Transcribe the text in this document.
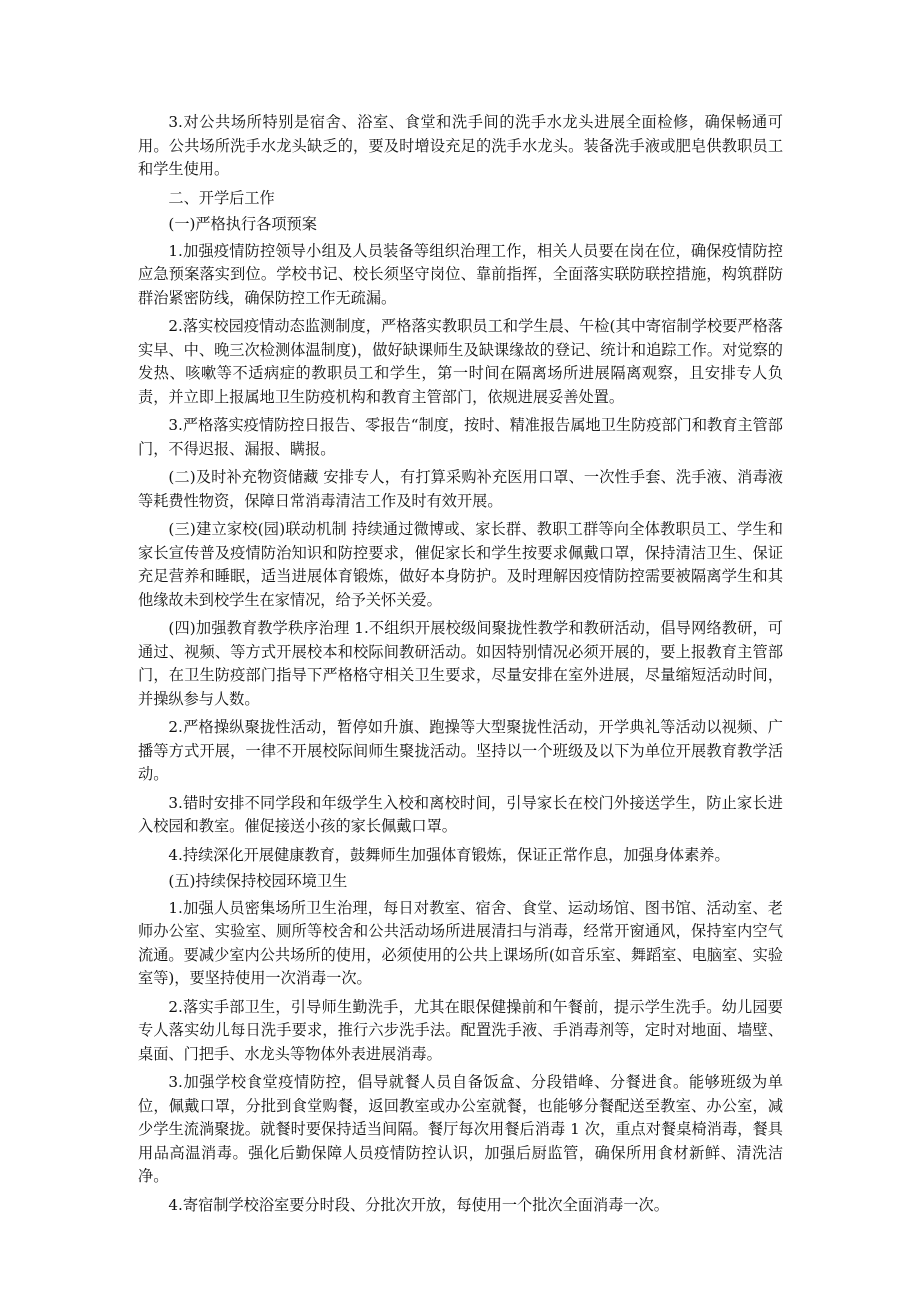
3.对公共场所特别是宿舍、浴室、食堂和洗手间的洗手水龙头进展全面检修，确保畅通可用。公共场所洗手水龙头缺乏的，要及时增设充足的洗手水龙头。装备洗手液或肥皂供教职员工和学生使用。

二、开学后工作

(一)严格执行各项预案

1.加强疫情防控领导小组及人员装备等组织治理工作，相关人员要在岗在位，确保疫情防控应急预案落实到位。学校书记、校长须坚守岗位、靠前指挥，全面落实联防联控措施，构筑群防群治紧密防线，确保防控工作无疏漏。

2.落实校园疫情动态监测制度，严格落实教职员工和学生晨、午检(其中寄宿制学校要严格落实早、中、晚三次检测体温制度)，做好缺课师生及缺课缘故的登记、统计和追踪工作。对觉察的发热、咳嗽等不适病症的教职员工和学生，第一时间在隔离场所进展隔离观察，且安排专人负责，并立即上报属地卫生防疫机构和教育主管部门，依规进展妥善处置。

3.严格落实疫情防控日报告、零报告“制度，按时、精准报告属地卫生防疫部门和教育主管部门，不得迟报、漏报、瞒报。

(二)及时补充物资储藏 安排专人，有打算采购补充医用口罩、一次性手套、洗手液、消毒液等耗费性物资，保障日常消毒清洁工作及时有效开展。

(三)建立家校(园)联动机制 持续通过微博或、家长群、教职工群等向全体教职员工、学生和家长宣传普及疫情防治知识和防控要求，催促家长和学生按要求佩戴口罩，保持清洁卫生、保证充足营养和睡眠，适当进展体育锻炼，做好本身防护。及时理解因疫情防控需要被隔离学生和其他缘故未到校学生在家情况，给予关怀关爱。

(四)加强教育教学秩序治理 1.不组织开展校级间聚拢性教学和教研活动，倡导网络教研，可通过、视频、等方式开展校本和校际间教研活动。如因特别情况必须开展的，要上报教育主管部门，在卫生防疫部门指导下严格格守相关卫生要求，尽量安排在室外进展，尽量缩短活动时间，并操纵参与人数。

2.严格操纵聚拢性活动，暂停如升旗、跑操等大型聚拢性活动，开学典礼等活动以视频、广播等方式开展，一律不开展校际间师生聚拢活动。坚持以一个班级及以下为单位开展教育教学活动。

3.错时安排不同学段和年级学生入校和离校时间，引导家长在校门外接送学生，防止家长进入校园和教室。催促接送小孩的家长佩戴口罩。

4.持续深化开展健康教育，鼓舞师生加强体育锻炼，保证正常作息，加强身体素养。

(五)持续保持校园环境卫生

1.加强人员密集场所卫生治理，每日对教室、宿舍、食堂、运动场馆、图书馆、活动室、老师办公室、实验室、厕所等校舍和公共活动场所进展清扫与消毒，经常开窗通风，保持室内空气流通。要减少室内公共场所的使用，必须使用的公共上课场所(如音乐室、舞蹈室、电脑室、实验室等)，要坚持使用一次消毒一次。

2.落实手部卫生，引导师生勤洗手，尤其在眼保健操前和午餐前，提示学生洗手。幼儿园要专人落实幼儿每日洗手要求，推行六步洗手法。配置洗手液、手消毒剂等，定时对地面、墙壁、桌面、门把手、水龙头等物体外表进展消毒。

3.加强学校食堂疫情防控，倡导就餐人员自备饭盒、分段错峰、分餐进食。能够班级为单位，佩戴口罩，分批到食堂购餐，返回教室或办公室就餐，也能够分餐配送至教室、办公室，减少学生流淌聚拢。就餐时要保持适当间隔。餐厅每次用餐后消毒 1 次，重点对餐桌椅消毒，餐具用品高温消毒。强化后勤保障人员疫情防控认识，加强后厨监管，确保所用食材新鲜、清洗洁净。

4.寄宿制学校浴室要分时段、分批次开放，每使用一个批次全面消毒一次。
